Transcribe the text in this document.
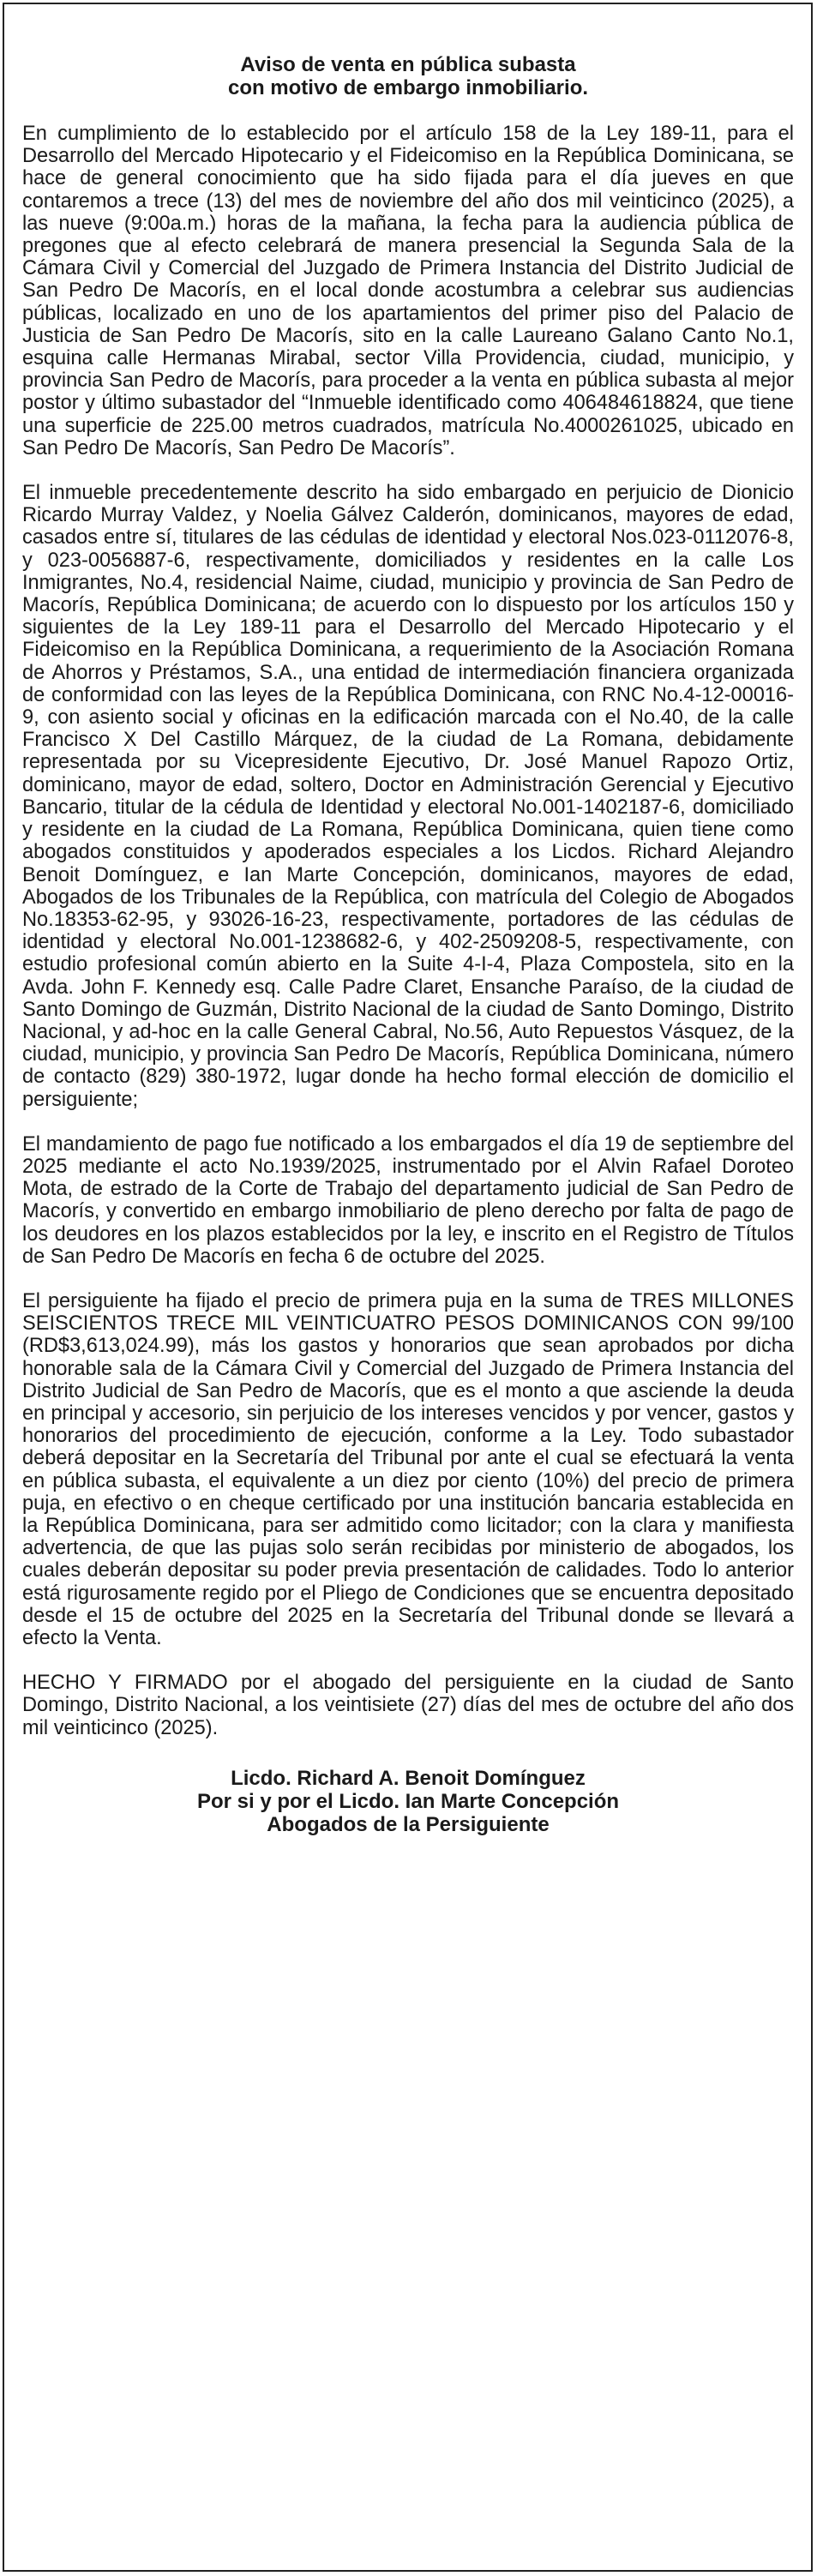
Aviso de venta en pública subasta
con motivo de embargo inmobiliario.

En cumplimiento de lo establecido por el artículo 158 de la Ley 189-11, para el Desarrollo del Mercado Hipotecario y el Fideicomiso en la República Dominicana, se hace de general conocimiento que ha sido fijada para el día jueves en que contaremos a trece (13) del mes de noviembre del año dos mil veinticinco (2025), a las nueve (9:00a.m.) horas de la mañana, la fecha para la audiencia pública de pregones que al efecto celebrará de manera presencial la Segunda Sala de la Cámara Civil y Comercial del Juzgado de Primera Instancia del Distrito Judicial de San Pedro De Macorís, en el local donde acostumbra a celebrar sus audiencias públicas, localizado en uno de los apartamientos del primer piso del Palacio de Justicia de San Pedro De Macorís, sito en la calle Laureano Galano Canto No.1, esquina calle Hermanas Mirabal, sector Villa Providencia, ciudad, municipio, y provincia San Pedro de Macorís, para proceder a la venta en pública subasta al mejor postor y último subastador del “Inmueble identificado como 406484618824, que tiene una superficie de 225.00 metros cuadrados, matrícula No.4000261025, ubicado en San Pedro De Macorís, San Pedro De Macorís”.

El inmueble precedentemente descrito ha sido embargado en perjuicio de Dionicio Ricardo Murray Valdez, y Noelia Gálvez Calderón, dominicanos, mayores de edad, casados entre sí, titulares de las cédulas de identidad y electoral Nos.023-0112076-8, y 023-0056887-6, respectivamente, domiciliados y residentes en la calle Los Inmigrantes, No.4, residencial Naime, ciudad, municipio y provincia de San Pedro de Macorís, República Dominicana; de acuerdo con lo dispuesto por los artículos 150 y siguientes de la Ley 189-11 para el Desarrollo del Mercado Hipotecario y el Fideicomiso en la República Dominicana, a requerimiento de la Asociación Romana de Ahorros y Préstamos, S.A., una entidad de intermediación financiera organizada de conformidad con las leyes de la República Dominicana, con RNC No.4-12-00016-9, con asiento social y oficinas en la edificación marcada con el No.40, de la calle Francisco X Del Castillo Márquez, de la ciudad de La Romana, debidamente representada por su Vicepresidente Ejecutivo, Dr. José Manuel Rapozo Ortiz, dominicano, mayor de edad, soltero, Doctor en Administración Gerencial y Ejecutivo Bancario, titular de la cédula de Identidad y electoral No.001-1402187-6, domiciliado y residente en la ciudad de La Romana, República Dominicana, quien tiene como abogados constituidos y apoderados especiales a los Licdos. Richard Alejandro Benoit Domínguez, e Ian Marte Concepción, dominicanos, mayores de edad, Abogados de los Tribunales de la República, con matrícula del Colegio de Abogados No.18353-62-95, y 93026-16-23, respectivamente, portadores de las cédulas de identidad y electoral No.001-1238682-6, y 402-2509208-5, respectivamente, con estudio profesional común abierto en la Suite 4-I-4, Plaza Compostela, sito en la Avda. John F. Kennedy esq. Calle Padre Claret, Ensanche Paraíso, de la ciudad de Santo Domingo de Guzmán, Distrito Nacional de la ciudad de Santo Domingo, Distrito Nacional, y ad-hoc en la calle General Cabral, No.56, Auto Repuestos Vásquez, de la ciudad, municipio, y provincia San Pedro De Macorís, República Dominicana, número de contacto (829) 380-1972, lugar donde ha hecho formal elección de domicilio el persiguiente;

El mandamiento de pago fue notificado a los embargados el día 19 de septiembre del 2025 mediante el acto No.1939/2025, instrumentado por el Alvin Rafael Doroteo Mota, de estrado de la Corte de Trabajo del departamento judicial de San Pedro de Macorís, y convertido en embargo inmobiliario de pleno derecho por falta de pago de los deudores en los plazos establecidos por la ley, e inscrito en el Registro de Títulos de San Pedro De Macorís en fecha 6 de octubre del 2025.

El persiguiente ha fijado el precio de primera puja en la suma de TRES MILLONES SEISCIENTOS TRECE MIL VEINTICUATRO PESOS DOMINICANOS CON 99/100 (RD$3,613,024.99), más los gastos y honorarios que sean aprobados por dicha honorable sala de la Cámara Civil y Comercial del Juzgado de Primera Instancia del Distrito Judicial de San Pedro de Macorís, que es el monto a que asciende la deuda en principal y accesorio, sin perjuicio de los intereses vencidos y por vencer, gastos y honorarios del procedimiento de ejecución, conforme a la Ley. Todo subastador deberá depositar en la Secretaría del Tribunal por ante el cual se efectuará la venta en pública subasta, el equivalente a un diez por ciento (10%) del precio de primera puja, en efectivo o en cheque certificado por una institución bancaria establecida en la República Dominicana, para ser admitido como licitador; con la clara y manifiesta advertencia, de que las pujas solo serán recibidas por ministerio de abogados, los cuales deberán depositar su poder previa presentación de calidades. Todo lo anterior está rigurosamente regido por el Pliego de Condiciones que se encuentra depositado desde el 15 de octubre del 2025 en la Secretaría del Tribunal donde se llevará a efecto la Venta.

HECHO Y FIRMADO por el abogado del persiguiente en la ciudad de Santo Domingo, Distrito Nacional, a los veintisiete (27) días del mes de octubre del año dos mil veinticinco (2025).

Licdo. Richard A. Benoit Domínguez
Por si y por el Licdo. Ian Marte Concepción
Abogados de la Persiguiente
